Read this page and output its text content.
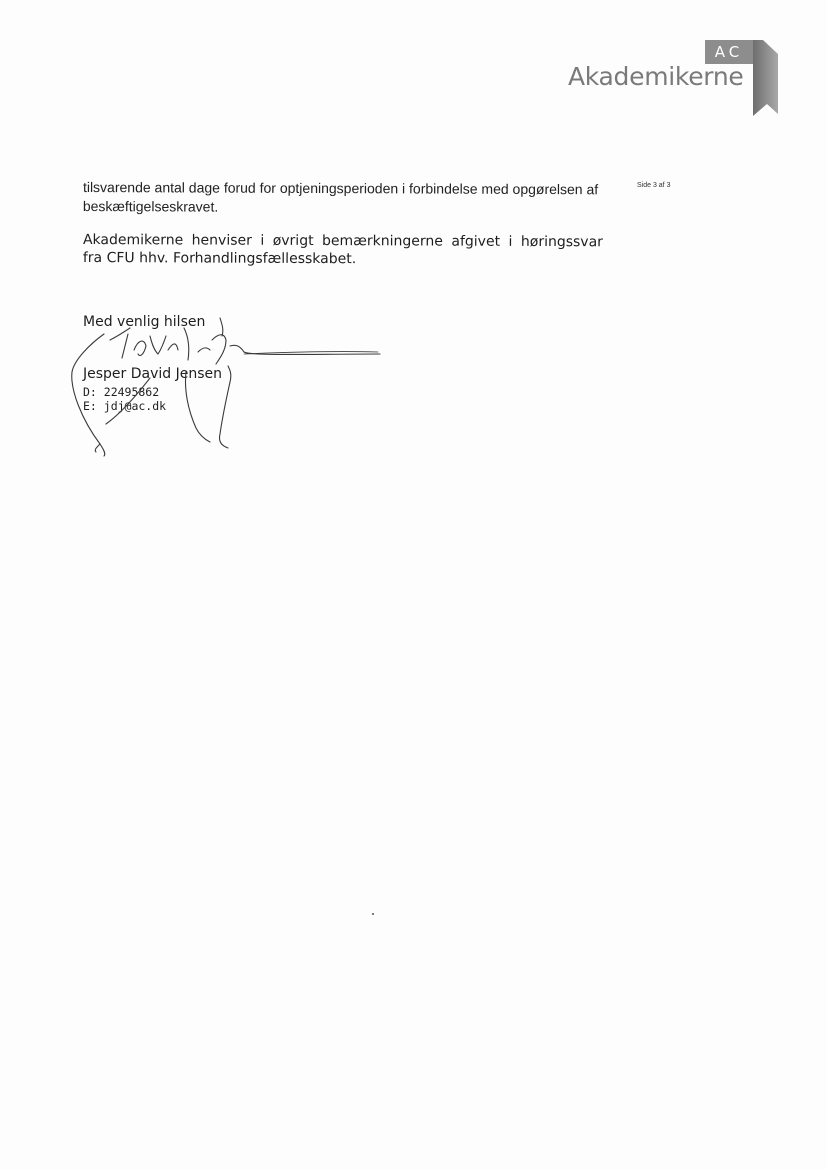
AC
Akademikerne
tilsvarende antal dage forud for optjeningsperioden i forbindelse med opgørelsen af beskæftigelseskravet.
Side 3 af 3
Akademikerne henviser i øvrigt bemærkningerne afgivet i høringssvar
fra CFU hhv. Forhandlingsfællesskabet.
Med venlig hilsen
Jesper David Jensen
D: 22495862
E: jdj@ac.dk
